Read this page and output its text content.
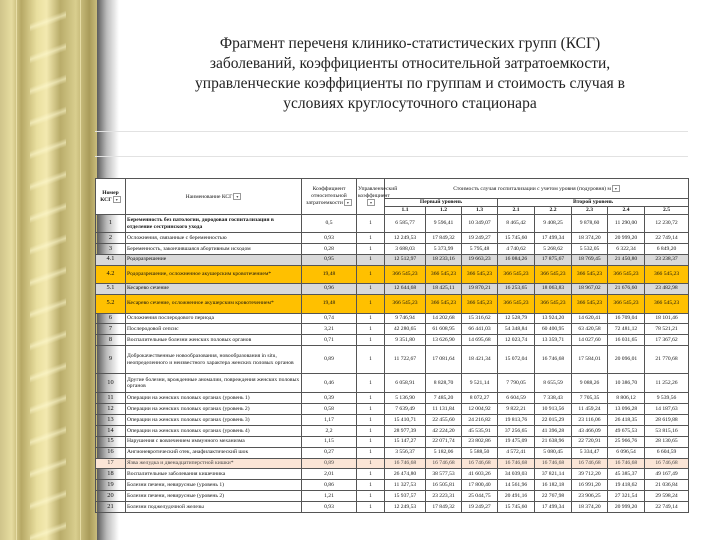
Фрагмент переченя клинико-статистических групп (КСГ)
заболеваний, коэффициенты относительной затратоемкости,
управленческие коэффициенты по группам и стоимость случая в
условиях круглосуточного стационара
Номер КСГ ▾	Наименование КСГ ▾	Коэффициент относительной затратоемкости ▾	Управленческий коэффициент▾	Стоимость случая госпитализации с учетом уровня (подуровня) м ▾							
				Первый уровень			Второй уровень				
				1.1	1.2	1.3	2.1	2.2	2.3	2.4	2.5
1	Беременность без патологии, дородовая госпитализация в отделение сестринского ухода	0,5	1	6 585,77	9 596,41	10 349,07	8 465,42	9 408,25	9 878,60	11 290,00	12 230,72
2	Осложнения, связанные с беременностью	0,93	1	12 249,53	17 849,32	19 249,27	15 745,60	17 499,34	18 374,20	20 999,20	22 749,14
3	Беременность, закончившаяся абортивным исходом	0,28	1	3 688,03	5 373,99	5 795,48	4 740,62	5 268,62	5 532,05	6 322,34	6 849,20
4.1	Родоразрешение	0,95	1	12 512,97	18 233,16	19 663,23	16 084,26	17 875,67	18 769,45	21 450,80	23 238,37
4.2	Родоразрешение, осложненное акушерским кровотечением*	19,48	1	366 545,23	366 545,23	366 545,23	366 545,23	366 545,23	366 545,23	366 545,23	366 545,23
5.1	Кесарево сечение	0,96	1	12 644,68	18 425,11	19 870,21	16 253,65	18 063,83	18 967,02	21 676,60	23 482,98
5.2	Кесарево сечение, осложненное акушерским кровотечением*	19,48	1	366 545,23	366 545,23	366 545,23	366 545,23	366 545,23	366 545,23	366 545,23	366 545,23
6	Осложнения послеродового периода	0,74	1	9 746,94	14 202,68	15 316,62	12 528,79	13 924,20	14 620,41	16 709,04	18 101,46
7	Послеродовой сепсис	3,21	1	42 280,65	61 608,95	66 441,03	54 348,84	60 400,95	63 420,58	72 481,12	78 521,21
8	Воспалительные болезни женских половых органов	0,71	1	9 351,80	13 626,90	14 695,68	12 023,74	13 359,71	14 027,60	16 031,65	17 367,62
9	Доброкачественные новообразования, новообразования in situ, неопределенного и неизвестного характера женских половых органов	0,89	1	11 722,67	17 081,64	18 421,34	15 072,04	16 746,68	17 584,01	20 096,01	21 770,68
10	Другие болезни, врожденные аномалии, повреждения женских половых органов	0,46	1	6 058,91	8 828,70	9 521,14	7 790,05	8 655,59	9 088,26	10 386,70	11 252,26
11	Операции на женских половых органах (уровень 1)	0,39	1	5 136,90	7 485,20	8 072,27	6 604,59	7 338,43	7 705,35	8 806,12	9 539,56
12	Операции на женских половых органах (уровень 2)	0,58	1	7 639,49	11 131,84	12 004,92	9 822,21	10 913,56	11 459,24	13 096,28	14 187,63
13	Операции на женских половых органах (уровень 3)	1,17	1	15 410,71	22 455,60	24 216,82	19 813,76	22 015,29	23 116,06	26 418,35	28 619,88
14	Операции на женских половых органах (уровень 4)	2,2	1	28 977,39	42 224,20	45 535,91	37 256,65	41 396,28	43 466,09	49 675,53	53 815,16
15	Нарушения с вовлечением иммунного механизма	1,15	1	15 147,27	22 071,74	23 802,86	19 475,09	21 638,96	22 720,91	25 966,76	28 130,65
16	Ангионевротический отек, анафилактический шок	0,27	1	3 556,37	5 182,06	5 588,50	4 572,41	5 080,45	5 334,47	6 096,54	6 604,59
17	Язва желудка и двенадцатиперстной кишки*	0,89	1	16 746,68	16 746,68	16 746,68	16 746,68	16 746,68	16 746,68	16 746,68	16 746,68
18	Воспалительные заболевания кишечника	2,01	1	26 474,80	38 577,53	41 603,26	34 039,03	37 821,14	39 712,20	45 385,37	49 167,49
19	Болезни печени, невирусные (уровень 1)	0,86	1	11 327,53	16 505,81	17 800,40	14 561,96	16 182,18	16 991,20	19 418,62	21 036,84
20	Болезни печени, невирусные (уровень 2)	1,21	1	15 937,57	23 223,31	25 044,75	20 491,16	22 767,98	23 906,25	27 321,54	29 598,24
21	Болезни поджелудочной железы	0,93	1	12 249,53	17 849,32	19 249,27	15 745,60	17 499,34	18 374,20	20 999,20	22 749,14
